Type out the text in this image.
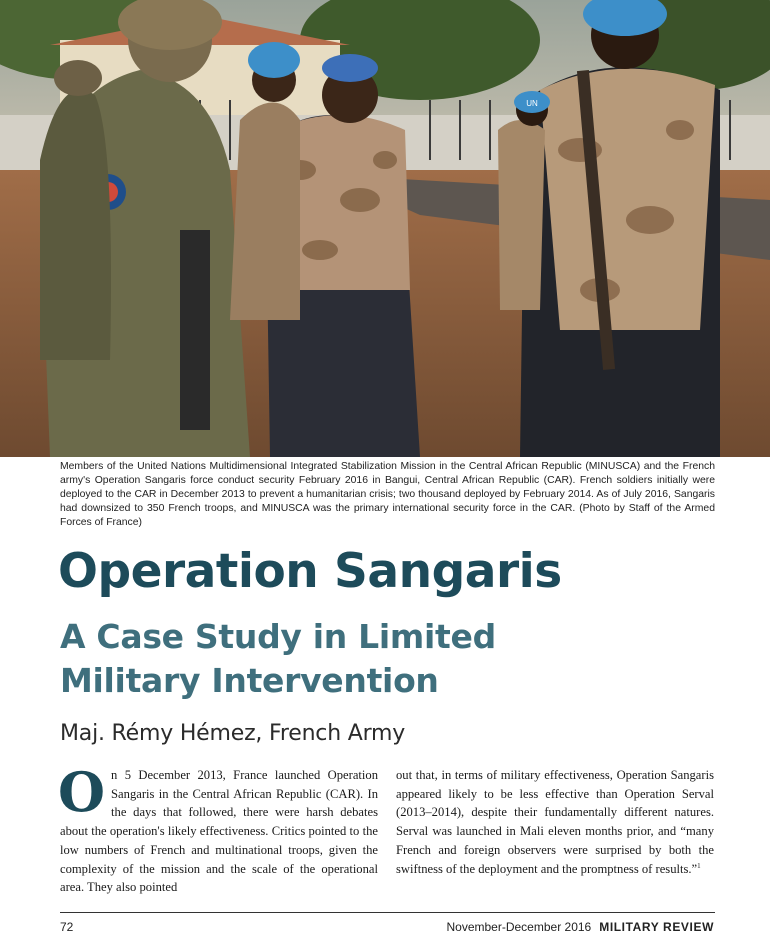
UN
Members of the United Nations Multidimensional Integrated Stabilization Mission in the Central African Republic (MINUSCA) and the French army's Operation Sangaris force conduct security February 2016 in Bangui, Central African Republic (CAR). French soldiers initially were deployed to the CAR in December 2013 to prevent a humanitarian crisis; two thousand deployed by February 2014. As of July 2016, Sangaris had downsized to 350 French troops, and MINUSCA was the primary international security force in the CAR. (Photo by Staff of the Armed Forces of France)
Operation Sangaris
A Case Study in Limited
Military Intervention
Maj. Rémy Hémez, French Army
On 5 December 2013, France launched Operation Sangaris in the Central African Republic (CAR). In the days that followed, there were harsh debates about the operation's likely effectiveness. Critics pointed to the low numbers of French and multinational troops, given the complexity of the mission and the scale of the operational area. They also pointed
out that, in terms of military effectiveness, Operation Sangaris appeared likely to be less effective than Operation Serval (2013–2014), despite their fundamentally different natures. Serval was launched in Mali eleven months prior, and “many French and foreign observers were surprised by both the swiftness of the deployment and the promptness of results.”$^1$
72	November-December 2016 MILITARY REVIEW
